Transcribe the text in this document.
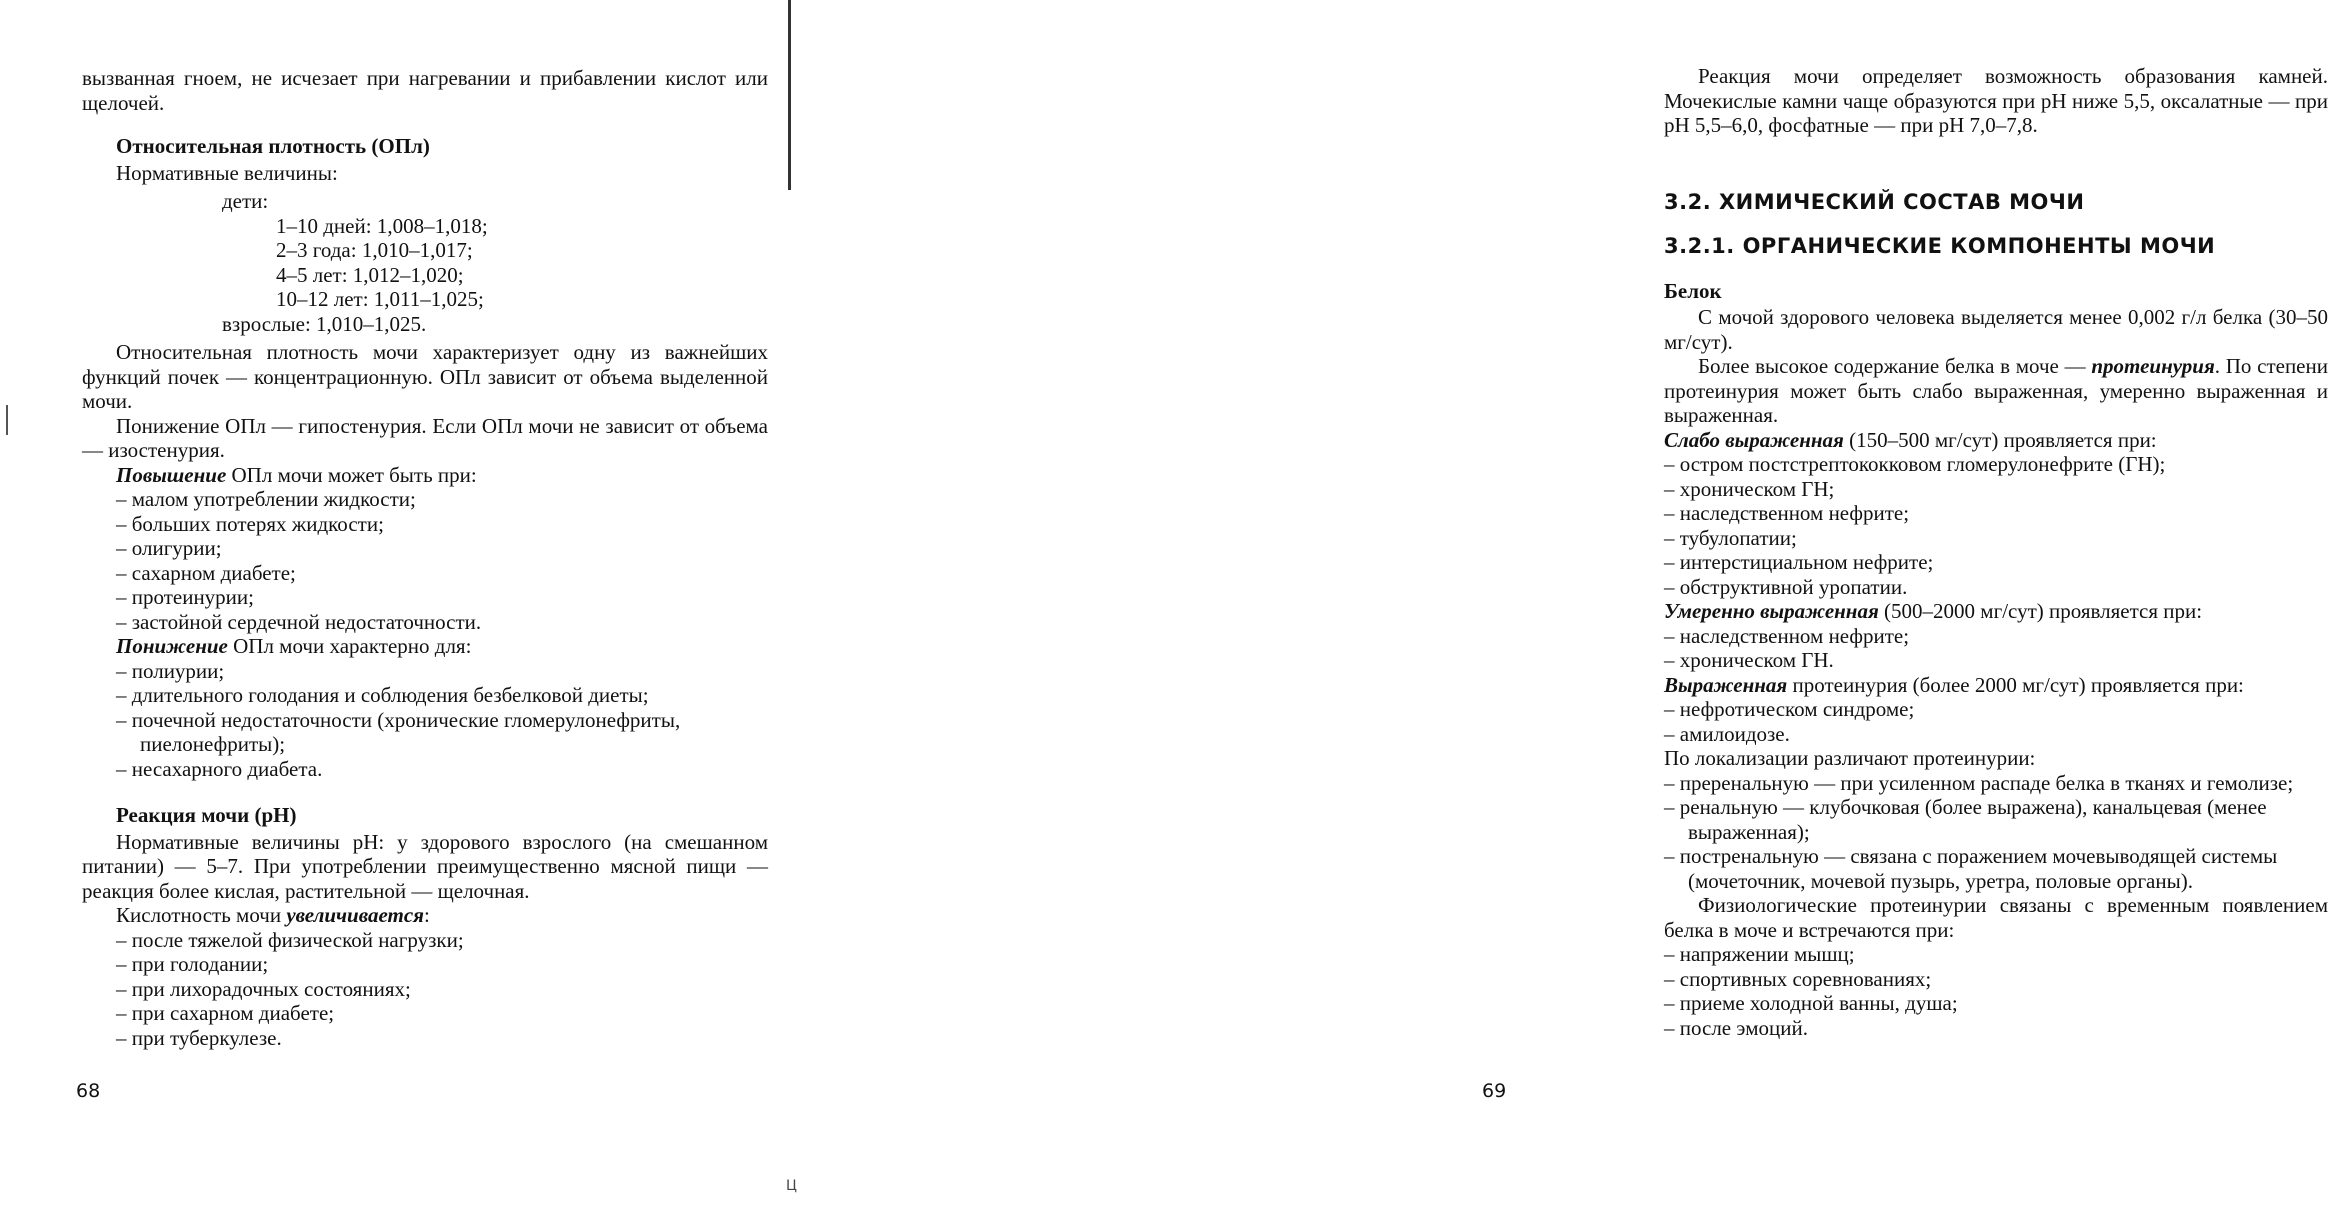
Ц

вызванная гноем, не исчезает при нагревании и прибавлении кислот или щелочей.

Относительная плотность (ОПл)

Нормативные величины:

дети:

1–10 дней: 1,008–1,018;
2–3 года: 1,010–1,017;
4–5 лет: 1,012–1,020;
10–12 лет: 1,011–1,025;

взрослые: 1,010–1,025.

Относительная плотность мочи характеризует одну из важнейших функций почек — концентрационную. ОПл зависит от объема выделенной мочи.

Понижение ОПл — гипостенурия. Если ОПл мочи не зависит от объема — изостенурия.

Повышение ОПл мочи может быть при:

– малом употреблении жидкости;
– больших потерях жидкости;
– олигурии;
– сахарном диабете;
– протеинурии;
– застойной сердечной недостаточности.

Понижение ОПл мочи характерно для:

– полиурии;
– длительного голодания и соблюдения безбелковой диеты;
– почечной недостаточности (хронические гломерулонефриты, пиелонефриты);
– несахарного диабета.

Реакция мочи (pH)

Нормативные величины pH: у здорового взрослого (на смешанном питании) — 5–7. При употреблении преимущественно мясной пищи — реакция более кислая, растительной — щелочная.

Кислотность мочи увеличивается:

– после тяжелой физической нагрузки;
– при голодании;
– при лихорадочных состояниях;
– при сахарном диабете;
– при туберкулезе.
68

Реакция мочи определяет возможность образования камней. Мочекислые камни чаще образуются при pH ниже 5,5, оксалатные — при pH 5,5–6,0, фосфатные — при pH 7,0–7,8.

3.2. ХИМИЧЕСКИЙ СОСТАВ МОЧИ

3.2.1. ОРГАНИЧЕСКИЕ КОМПОНЕНТЫ МОЧИ

Белок

С мочой здорового человека выделяется менее 0,002 г/л белка (30–50 мг/сут).

Более высокое содержание белка в моче — протеинурия. По степени протеинурия может быть слабо выраженная, умеренно выраженная и выраженная.

Слабо выраженная (150–500 мг/сут) проявляется при:

– остром постстрептококковом гломерулонефрите (ГН);
– хроническом ГН;
– наследственном нефрите;
– тубулопатии;
– интерстициальном нефрите;
– обструктивной уропатии.

Умеренно выраженная (500–2000 мг/сут) проявляется при:

– наследственном нефрите;
– хроническом ГН.

Выраженная протеинурия (более 2000 мг/сут) проявляется при:

– нефротическом синдроме;
– амилоидозе.

По локализации различают протеинурии:

– преренальную — при усиленном распаде белка в тканях и гемолизе;
– ренальную — клубочковая (более выражена), канальцевая (менее выраженная);
– постренальную — связана с поражением мочевыводящей системы (мочеточник, мочевой пузырь, уретра, половые органы).

Физиологические протеинурии связаны с временным появлением белка в моче и встречаются при:

– напряжении мышц;
– спортивных соревнованиях;
– приеме холодной ванны, душа;
– после эмоций.
69
